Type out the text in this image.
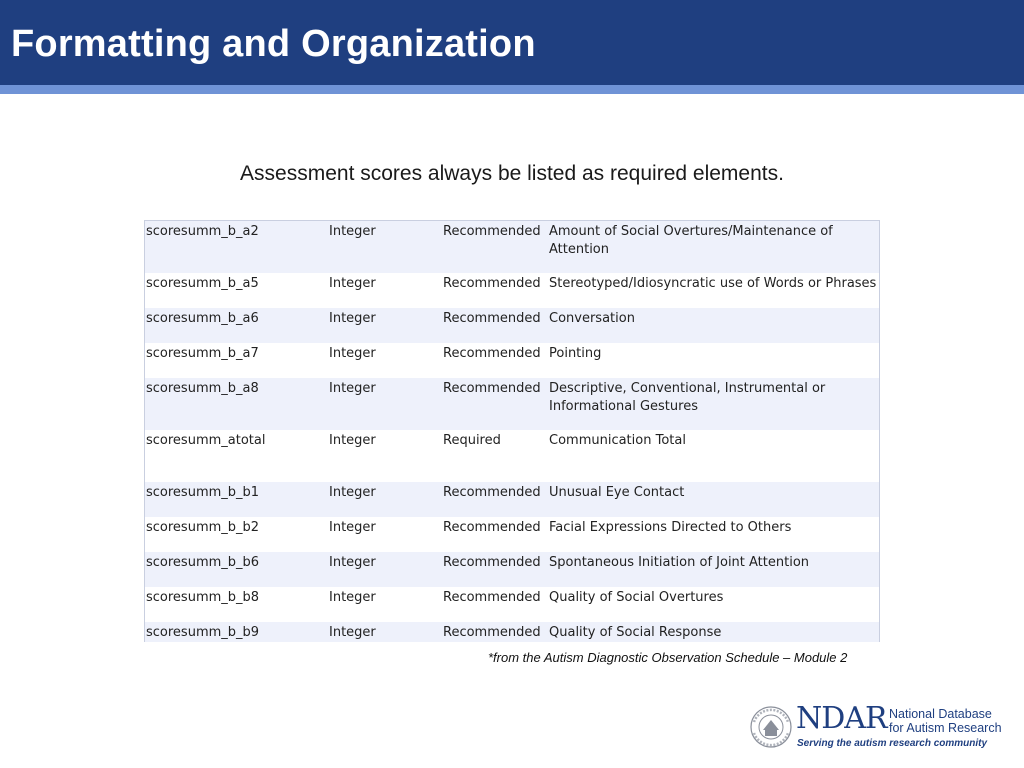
Formatting and Organization
Assessment scores always be listed as required elements.
scoresumm_b_a2	Integer	Recommended	Amount of Social Overtures/Maintenance of Attention
scoresumm_b_a5	Integer	Recommended	Stereotyped/Idiosyncratic use of Words or Phrases
scoresumm_b_a6	Integer	Recommended	Conversation
scoresumm_b_a7	Integer	Recommended	Pointing
scoresumm_b_a8	Integer	Recommended	Descriptive, Conventional, Instrumental or Informational Gestures
scoresumm_atotal	Integer	Required	Communication Total
scoresumm_b_b1	Integer	Recommended	Unusual Eye Contact
scoresumm_b_b2	Integer	Recommended	Facial Expressions Directed to Others
scoresumm_b_b6	Integer	Recommended	Spontaneous Initiation of Joint Attention
scoresumm_b_b8	Integer	Recommended	Quality of Social Overtures
scoresumm_b_b9	Integer	Recommended	Quality of Social Response
*from the Autism Diagnostic Observation Schedule – Module 2
NDAR National Database
for Autism Research
Serving the autism research community
